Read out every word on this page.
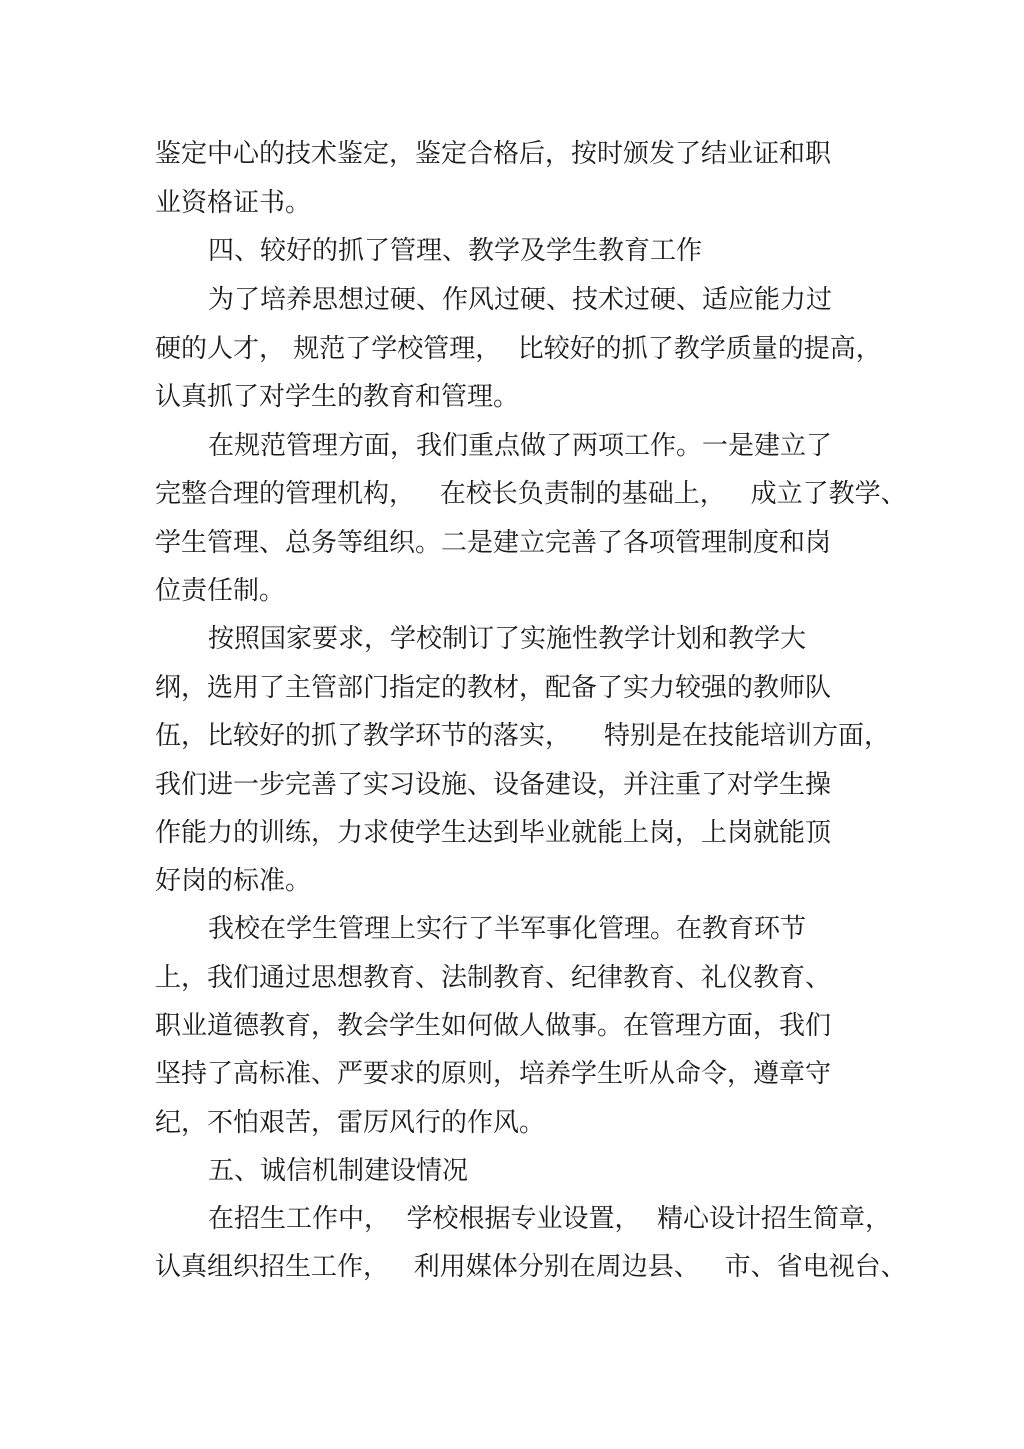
鉴定中心的技术鉴定，鉴定合格后，按时颁发了结业证和职
业资格证书。
四、较好的抓了管理、教学及学生教育工作
为了培养思想过硬、作风过硬、技术过硬、适应能力过
硬的人才， 规范了学校管理，  比较好的抓了教学质量的提高，
认真抓了对学生的教育和管理。
在规范管理方面，我们重点做了两项工作。一是建立了
完整合理的管理机构，   在校长负责制的基础上，   成立了教学、
学生管理、总务等组织。二是建立完善了各项管理制度和岗
位责任制。
按照国家要求，学校制订了实施性教学计划和教学大
纲，选用了主管部门指定的教材，配备了实力较强的教师队
伍，比较好的抓了教学环节的落实，    特别是在技能培训方面，
我们进一步完善了实习设施、设备建设，并注重了对学生操
作能力的训练，力求使学生达到毕业就能上岗，上岗就能顶
好岗的标准。
我校在学生管理上实行了半军事化管理。在教育环节
上，我们通过思想教育、法制教育、纪律教育、礼仪教育、
职业道德教育，教会学生如何做人做事。在管理方面，我们
坚持了高标准、严要求的原则，培养学生听从命令，遵章守
纪，不怕艰苦，雷厉风行的作风。
五、诚信机制建设情况
在招生工作中，  学校根据专业设置，  精心设计招生简章，
认真组织招生工作，   利用媒体分别在周边县、   市、省电视台、
